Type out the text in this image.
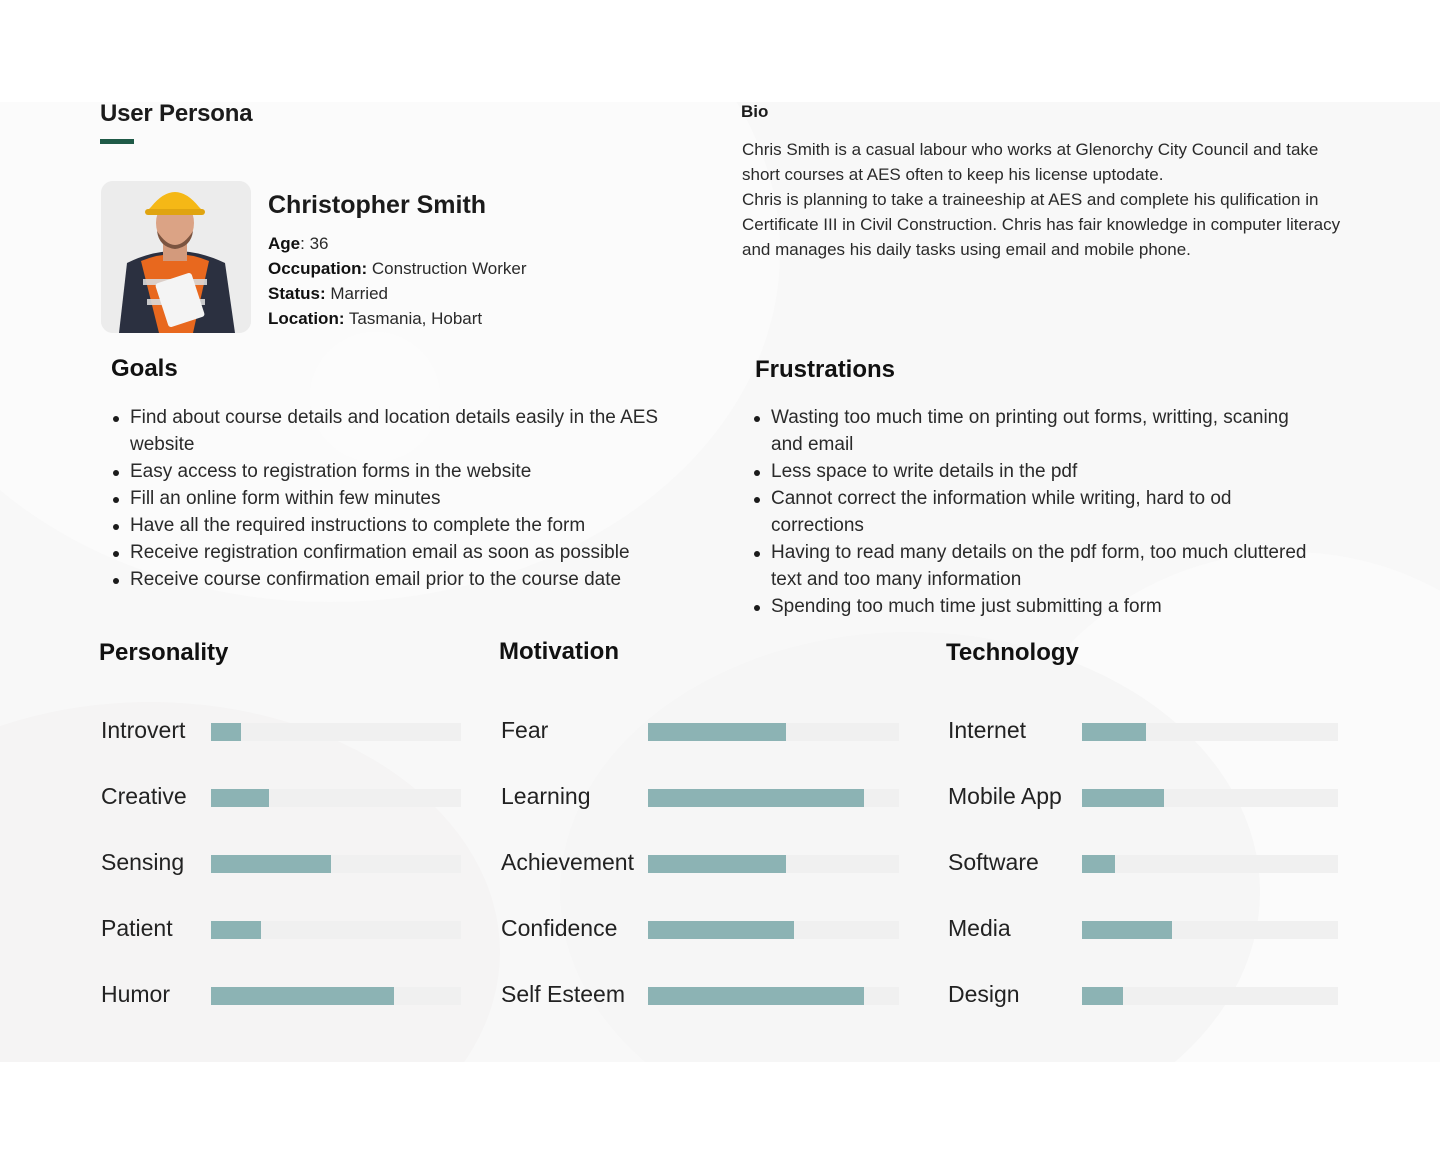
User Persona
Christopher Smith
Age: 36
Occupation: Construction Worker
Status: Married
Location: Tasmania, Hobart
Bio

Chris Smith is a casual labour who works at Glenorchy City Council and take short courses at AES often to keep his license uptodate.

Chris is planning to take a traineeship at AES and complete his qulification in Certificate III in Civil Construction. Chris has fair knowledge in computer literacy and manages his daily tasks using email and mobile phone.

Goals
Find about course details and location details easily in the AES website
Easy access to registration forms in the website
Fill an online form within few minutes
Have all the required instructions to complete the form
Receive registration confirmation email as soon as possible
Receive course confirmation email prior to the course date
Frustrations
Wasting too much time on printing out forms, writting, scaning and email
Less space to write details in the pdf
Cannot correct the information while writing, hard to od corrections
Having to read many details on the pdf form, too much cluttered text and too many information
Spending too much time just submitting a form
Personality	Motivation	Technology
Introvert
Creative
Sensing
Patient
Humor
Fear
Learning
Achievement
Confidence
Self Esteem
Internet
Mobile App
Software
Media
Design
